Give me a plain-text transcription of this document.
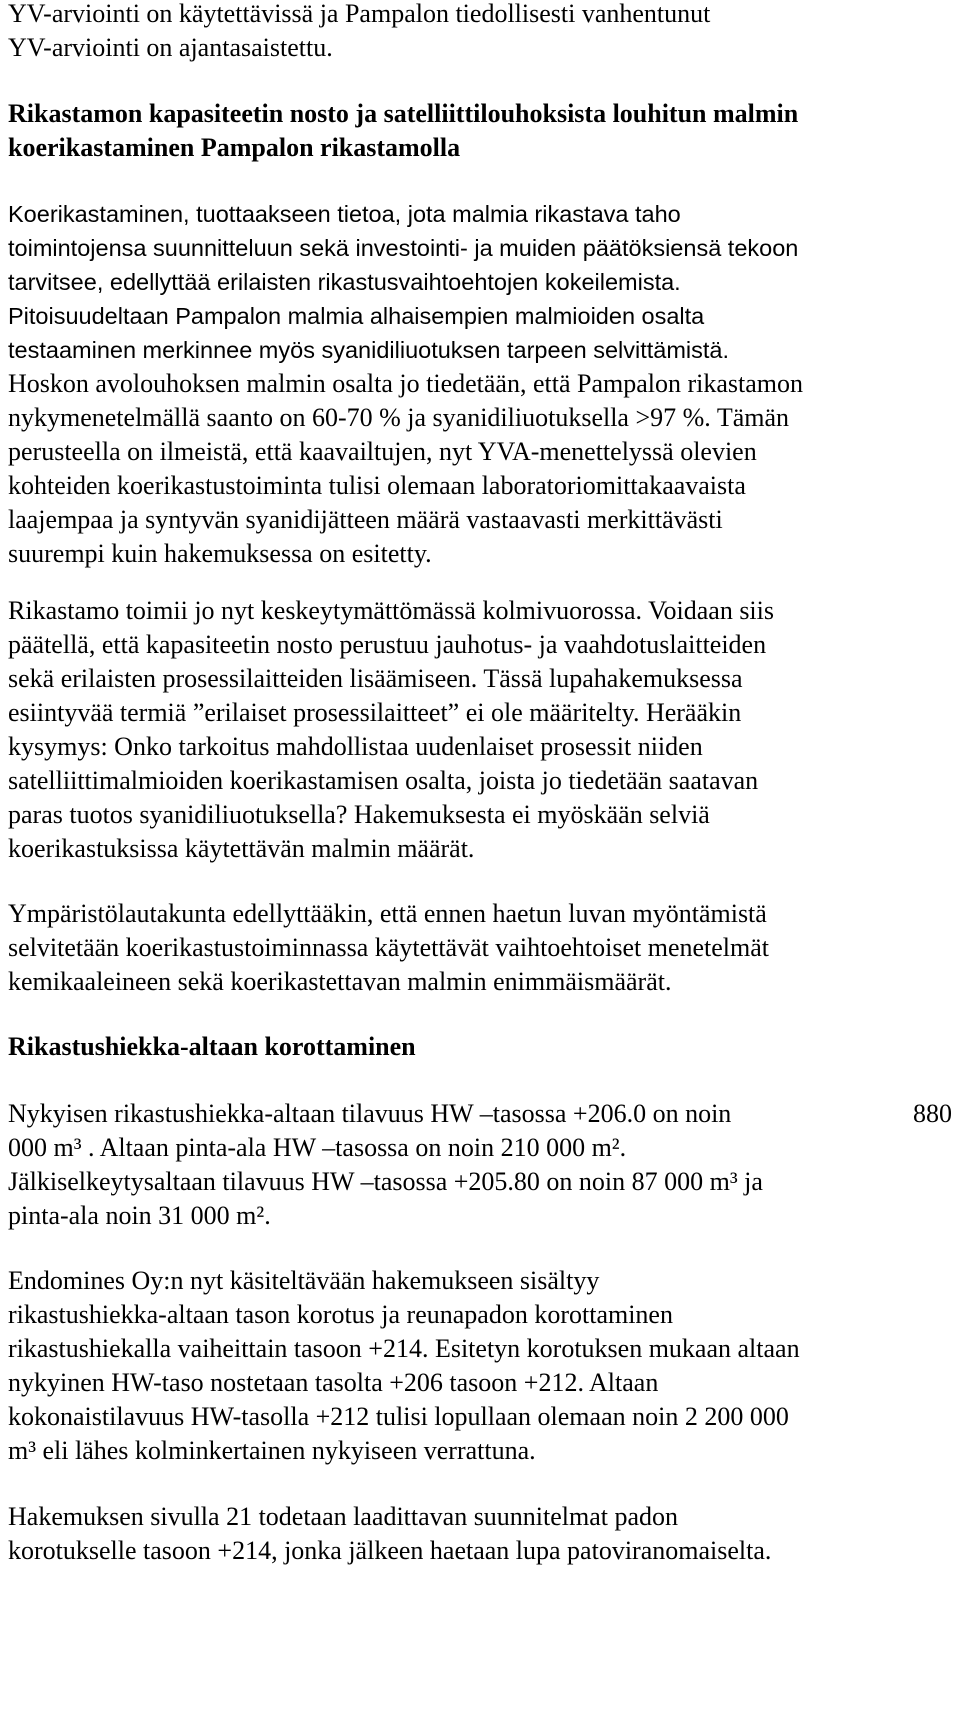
YV-arviointi on käytettävissä ja Pampalon tiedollisesti vanhentunut
YV-arviointi on ajantasaistettu.
Rikastamon kapasiteetin nosto ja satelliittilouhoksista louhitun malmin
koerikastaminen Pampalon rikastamolla
Koerikastaminen, tuottaakseen tietoa, jota malmia rikastava taho
toimintojensa suunnitteluun sekä investointi- ja muiden päätöksiensä tekoon
tarvitsee, edellyttää erilaisten rikastusvaihtoehtojen kokeilemista.
Pitoisuudeltaan Pampalon malmia alhaisempien malmioiden osalta
testaaminen merkinnee myös syanidiliuotuksen tarpeen selvittämistä.
Hoskon avolouhoksen malmin osalta jo tiedetään, että Pampalon rikastamon
nykymenetelmällä saanto on 60-70 % ja syanidiliuotuksella >97 %. Tämän
perusteella on ilmeistä, että kaavailtujen, nyt YVA-menettelyssä olevien
kohteiden koerikastustoiminta tulisi olemaan laboratoriomittakaavaista
laajempaa ja syntyvän syanidijätteen määrä vastaavasti merkittävästi
suurempi kuin hakemuksessa on esitetty.
Rikastamo toimii jo nyt keskeytymättömässä kolmivuorossa. Voidaan siis
päätellä, että kapasiteetin nosto perustuu jauhotus- ja vaahdotuslaitteiden
sekä erilaisten prosessilaitteiden lisäämiseen. Tässä lupahakemuksessa
esiintyvää termiä ”erilaiset prosessilaitteet” ei ole määritelty. Herääkin
kysymys: Onko tarkoitus mahdollistaa uudenlaiset prosessit niiden
satelliittimalmioiden koerikastamisen osalta, joista jo tiedetään saatavan
paras tuotos syanidiliuotuksella? Hakemuksesta ei myöskään selviä
koerikastuksissa käytettävän malmin määrät.
Ympäristölautakunta edellyttääkin, että ennen haetun luvan myöntämistä
selvitetään koerikastustoiminnassa käytettävät vaihtoehtoiset menetelmät
kemikaaleineen sekä koerikastettavan malmin enimmäismäärät.
Rikastushiekka-altaan korottaminen
Nykyisen rikastushiekka-altaan tilavuus HW –tasossa +206.0 on noin	880
000 m³ . Altaan pinta-ala HW –tasossa on noin 210 000 m².
Jälkiselkeytysaltaan tilavuus HW –tasossa +205.80 on noin 87 000 m³ ja
pinta-ala noin 31 000 m².
Endomines Oy:n nyt käsiteltävään hakemukseen sisältyy
rikastushiekka-altaan tason korotus ja reunapadon korottaminen
rikastushiekalla vaiheittain tasoon +214. Esitetyn korotuksen mukaan altaan
nykyinen HW-taso nostetaan tasolta +206 tasoon +212. Altaan
kokonaistilavuus HW-tasolla +212 tulisi lopullaan olemaan noin 2 200 000
m³ eli lähes kolminkertainen nykyiseen verrattuna.
Hakemuksen sivulla 21 todetaan laadittavan suunnitelmat padon
korotukselle tasoon +214, jonka jälkeen haetaan lupa patoviranomaiselta.
